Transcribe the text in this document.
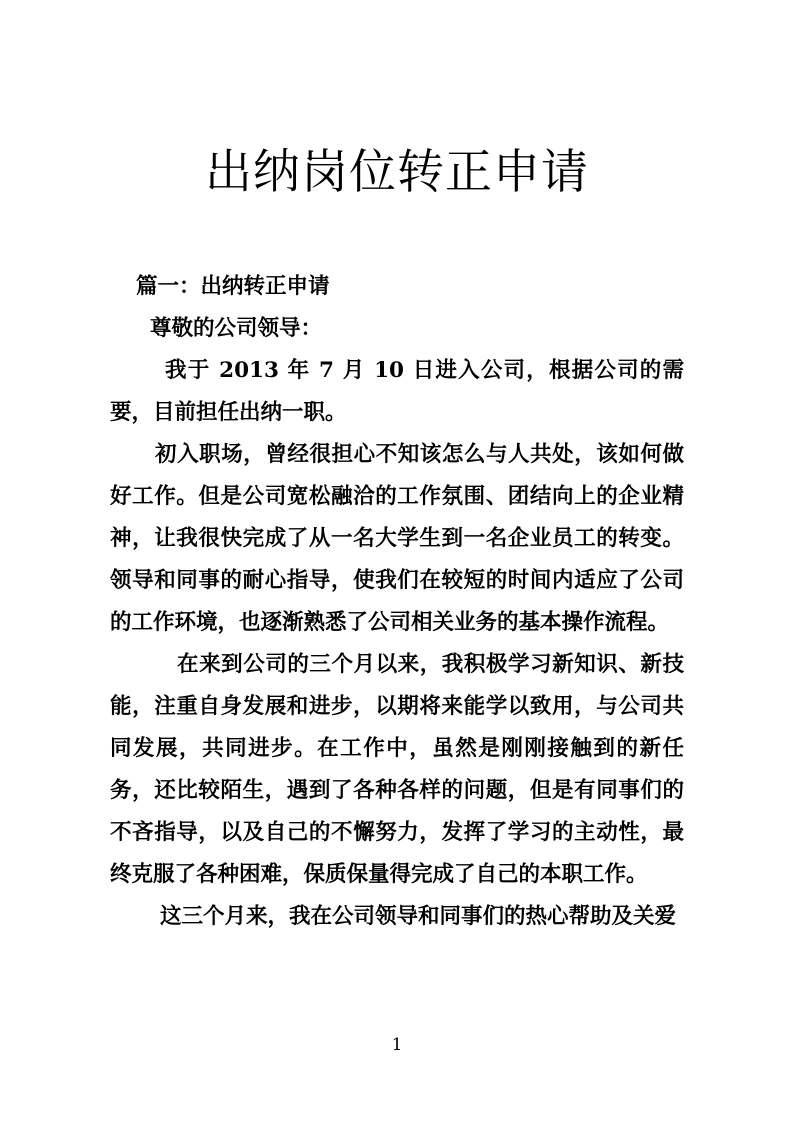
出纳岗位转正申请

篇一：出纳转正申请

尊敬的公司领导：

我于 2013 年 7 月 10 日进入公司，根据公司的需要，目前担任出纳一职。

初入职场，曾经很担心不知该怎么与人共处，该如何做好工作。但是公司宽松融洽的工作氛围、团结向上的企业精神，让我很快完成了从一名大学生到一名企业员工的转变。领导和同事的耐心指导，使我们在较短的时间内适应了公司的工作环境，也逐渐熟悉了公司相关业务的基本操作流程。

在来到公司的三个月以来，我积极学习新知识、新技能，注重自身发展和进步，以期将来能学以致用，与公司共同发展，共同进步。在工作中，虽然是刚刚接触到的新任务，还比较陌生，遇到了各种各样的问题，但是有同事们的不吝指导，以及自己的不懈努力，发挥了学习的主动性，最终克服了各种困难，保质保量得完成了自己的本职工作。

这三个月来，我在公司领导和同事们的热心帮助及关爱

1
